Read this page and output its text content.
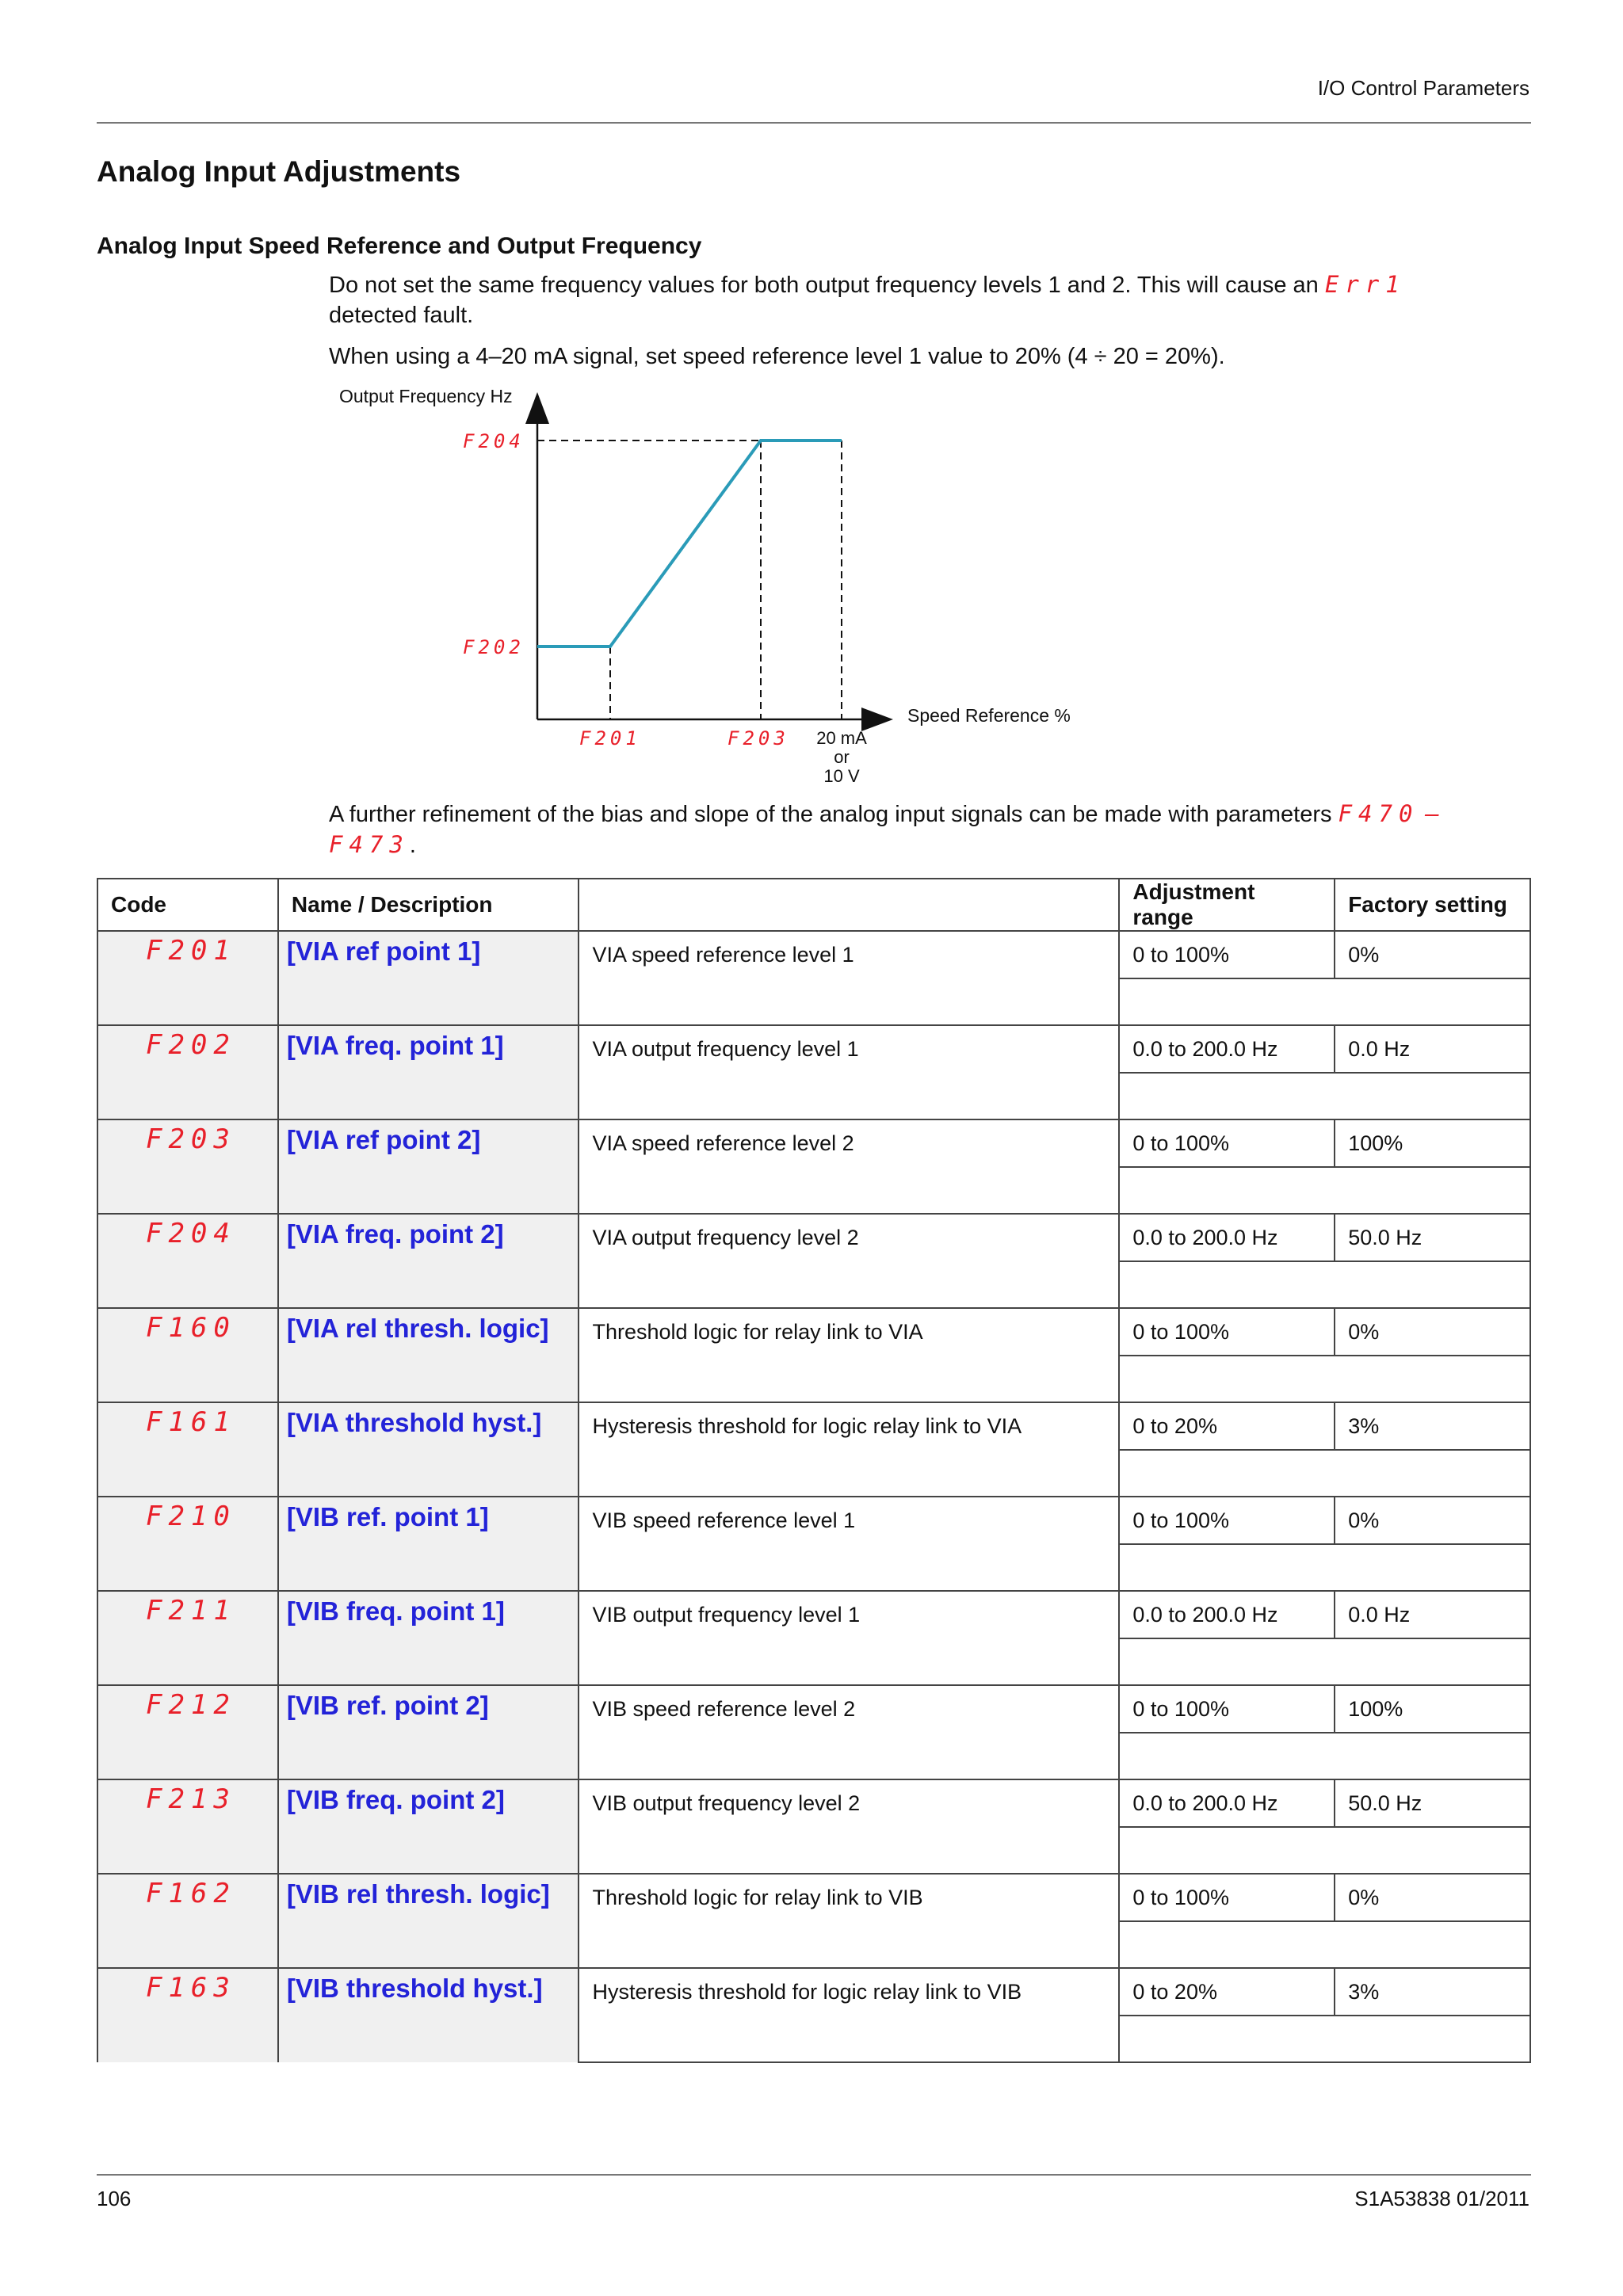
I/O Control Parameters
Analog Input Adjustments
Analog Input Speed Reference and Output Frequency
Do not set the same frequency values for both output frequency levels 1 and 2. This will cause an Err1
detected fault.
When using a 4–20 mA signal, set speed reference level 1 value to 20% (4 ÷ 20 = 20%).
Output Frequency Hz
Speed Reference %
F204
F202
F201	F203 20 mA
or
10 V
A further refinement of the bias and slope of the analog input signals can be made with parameters F470 –
F473.
Code	Name / Description		Adjustment range	Factory setting
F201	[VIA ref point 1]	VIA speed reference level 1	0 to 100%	0%

F202	[VIA freq. point 1]	VIA output frequency level 1	0.0 to 200.0 Hz	0.0 Hz

F203	[VIA ref point 2]	VIA speed reference level 2	0 to 100%	100%

F204	[VIA freq. point 2]	VIA output frequency level 2	0.0 to 200.0 Hz	50.0 Hz

F160	[VIA rel thresh. logic]	Threshold logic for relay link to VIA	0 to 100%	0%

F161	[VIA threshold hyst.]	Hysteresis threshold for logic relay link to VIA	0 to 20%	3%

F210	[VIB ref. point 1]	VIB speed reference level 1	0 to 100%	0%

F211	[VIB freq. point 1]	VIB output frequency level 1	0.0 to 200.0 Hz	0.0 Hz

F212	[VIB ref. point 2]	VIB speed reference level 2	0 to 100%	100%

F213	[VIB freq. point 2]	VIB output frequency level 2	0.0 to 200.0 Hz	50.0 Hz

F162	[VIB rel thresh. logic]	Threshold logic for relay link to VIB	0 to 100%	0%

F163	[VIB threshold hyst.]	Hysteresis threshold for logic relay link to VIB	0 to 20%	3%

106	S1A53838 01/2011
